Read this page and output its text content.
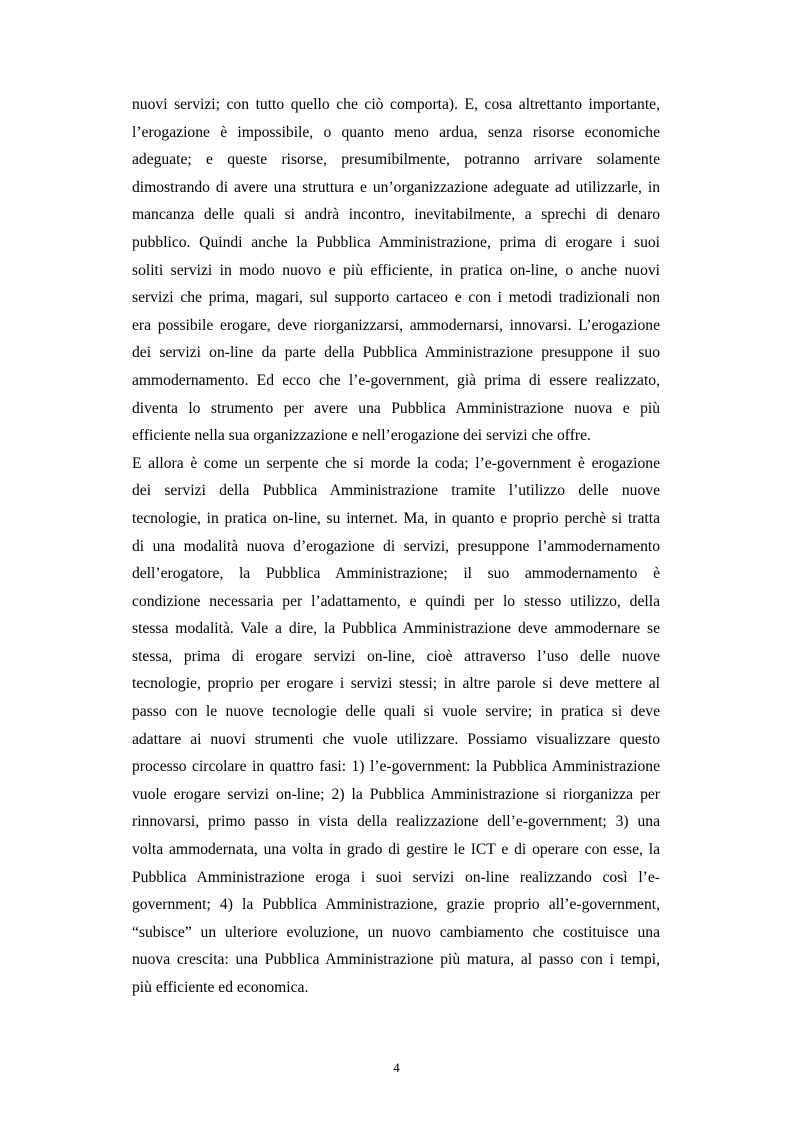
nuovi servizi; con tutto quello che ciò comporta). E, cosa altrettanto importante,
l’erogazione è impossibile, o quanto meno ardua, senza risorse economiche
adeguate; e queste risorse, presumibilmente, potranno arrivare solamente
dimostrando di avere una struttura e un’organizzazione adeguate ad utilizzarle, in
mancanza delle quali si andrà incontro, inevitabilmente, a sprechi di denaro
pubblico. Quindi anche la Pubblica Amministrazione, prima di erogare i suoi
soliti servizi in modo nuovo e più efficiente, in pratica on-line, o anche nuovi
servizi che prima, magari, sul supporto cartaceo e con i metodi tradizionali non
era possibile erogare, deve riorganizzarsi, ammodernarsi, innovarsi. L’erogazione
dei servizi on-line da parte della Pubblica Amministrazione presuppone il suo
ammodernamento. Ed ecco che l’e-government, già prima di essere realizzato,
diventa lo strumento per avere una Pubblica Amministrazione nuova e più
efficiente nella sua organizzazione e nell’erogazione dei servizi che offre.
E allora è come un serpente che si morde la coda; l’e-government è erogazione
dei servizi della Pubblica Amministrazione tramite l’utilizzo delle nuove
tecnologie, in pratica on-line, su internet. Ma, in quanto e proprio perchè si tratta
di una modalità nuova d’erogazione di servizi, presuppone l’ammodernamento
dell’erogatore, la Pubblica Amministrazione; il suo ammodernamento è
condizione necessaria per l’adattamento, e quindi per lo stesso utilizzo, della
stessa modalità. Vale a dire, la Pubblica Amministrazione deve ammodernare se
stessa, prima di erogare servizi on-line, cioè attraverso l’uso delle nuove
tecnologie, proprio per erogare i servizi stessi; in altre parole si deve mettere al
passo con le nuove tecnologie delle quali si vuole servire; in pratica si deve
adattare ai nuovi strumenti che vuole utilizzare. Possiamo visualizzare questo
processo circolare in quattro fasi: 1) l’e-government: la Pubblica Amministrazione
vuole erogare servizi on-line; 2) la Pubblica Amministrazione si riorganizza per
rinnovarsi, primo passo in vista della realizzazione dell’e-government; 3) una
volta ammodernata, una volta in grado di gestire le ICT e di operare con esse, la
Pubblica Amministrazione eroga i suoi servizi on-line realizzando così l’e-
government; 4) la Pubblica Amministrazione, grazie proprio all’e-government,
“subisce” un ulteriore evoluzione, un nuovo cambiamento che costituisce una
nuova crescita: una Pubblica Amministrazione più matura, al passo con i tempi,
più efficiente ed economica.
4
